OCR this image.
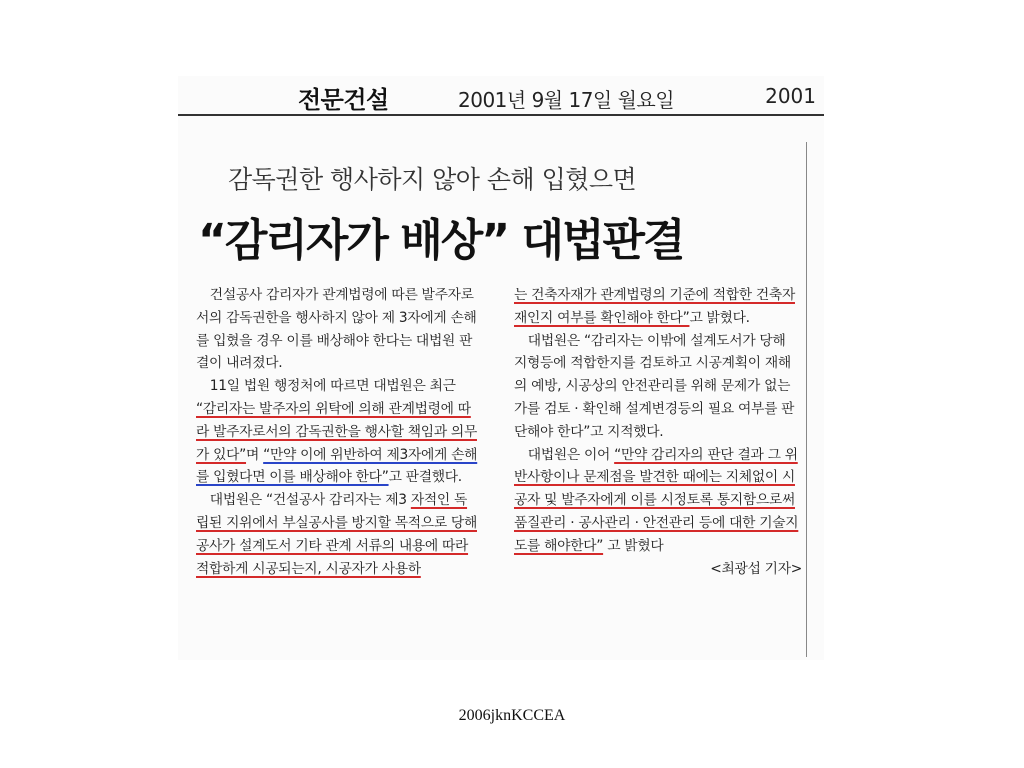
전문건설	2001년 9월 17일 월요일	2001
감독권한 행사하지 않아 손해 입혔으면
“감리자가 배상” 대법판결

건설공사 감리자가 관계법령에 따른 발주자로서의 감독권한을 행사하지 않아 제 3자에게 손해를 입혔을 경우 이를 배상해야 한다는 대법원 판결이 내려졌다.

11일 법원 행정처에 따르면 대법원은 최근 “감리자는 발주자의 위탁에 의해 관계법령에 따라 발주자로서의 감독권한을 행사할 책임과 의무가 있다”며 “만약 이에 위반하여 제3자에게 손해를 입혔다면 이를 배상해야 한다”고 판결했다.

대법원은 “건설공사 감리자는 제3 자적인 독립된 지위에서 부실공사를 방지할 목적으로 당해 공사가 설계도서 기타 관계 서류의 내용에 따라 적합하게 시공되는지, 시공자가 사용하

는 건축자재가 관계법령의 기준에 적합한 건축자재인지 여부를 확인해야 한다”고 밝혔다.

대법원은 “감리자는 이밖에 설계도서가 당해 지형등에 적합한지를 검토하고 시공계획이 재해의 예방, 시공상의 안전관리를 위해 문제가 없는가를 검토 · 확인해 설계변경등의 필요 여부를 판단해야 한다”고 지적했다.

대법원은 이어 “만약 감리자의 판단 결과 그 위반사항이나 문제점을 발견한 때에는 지체없이 시공자 및 발주자에게 이를 시정토록 통지함으로써 품질관리 · 공사관리 · 안전관리 등에 대한 기술지도를 해야한다” 고 밝혔다

<최광섭 기자>
2006jknKCCEA
